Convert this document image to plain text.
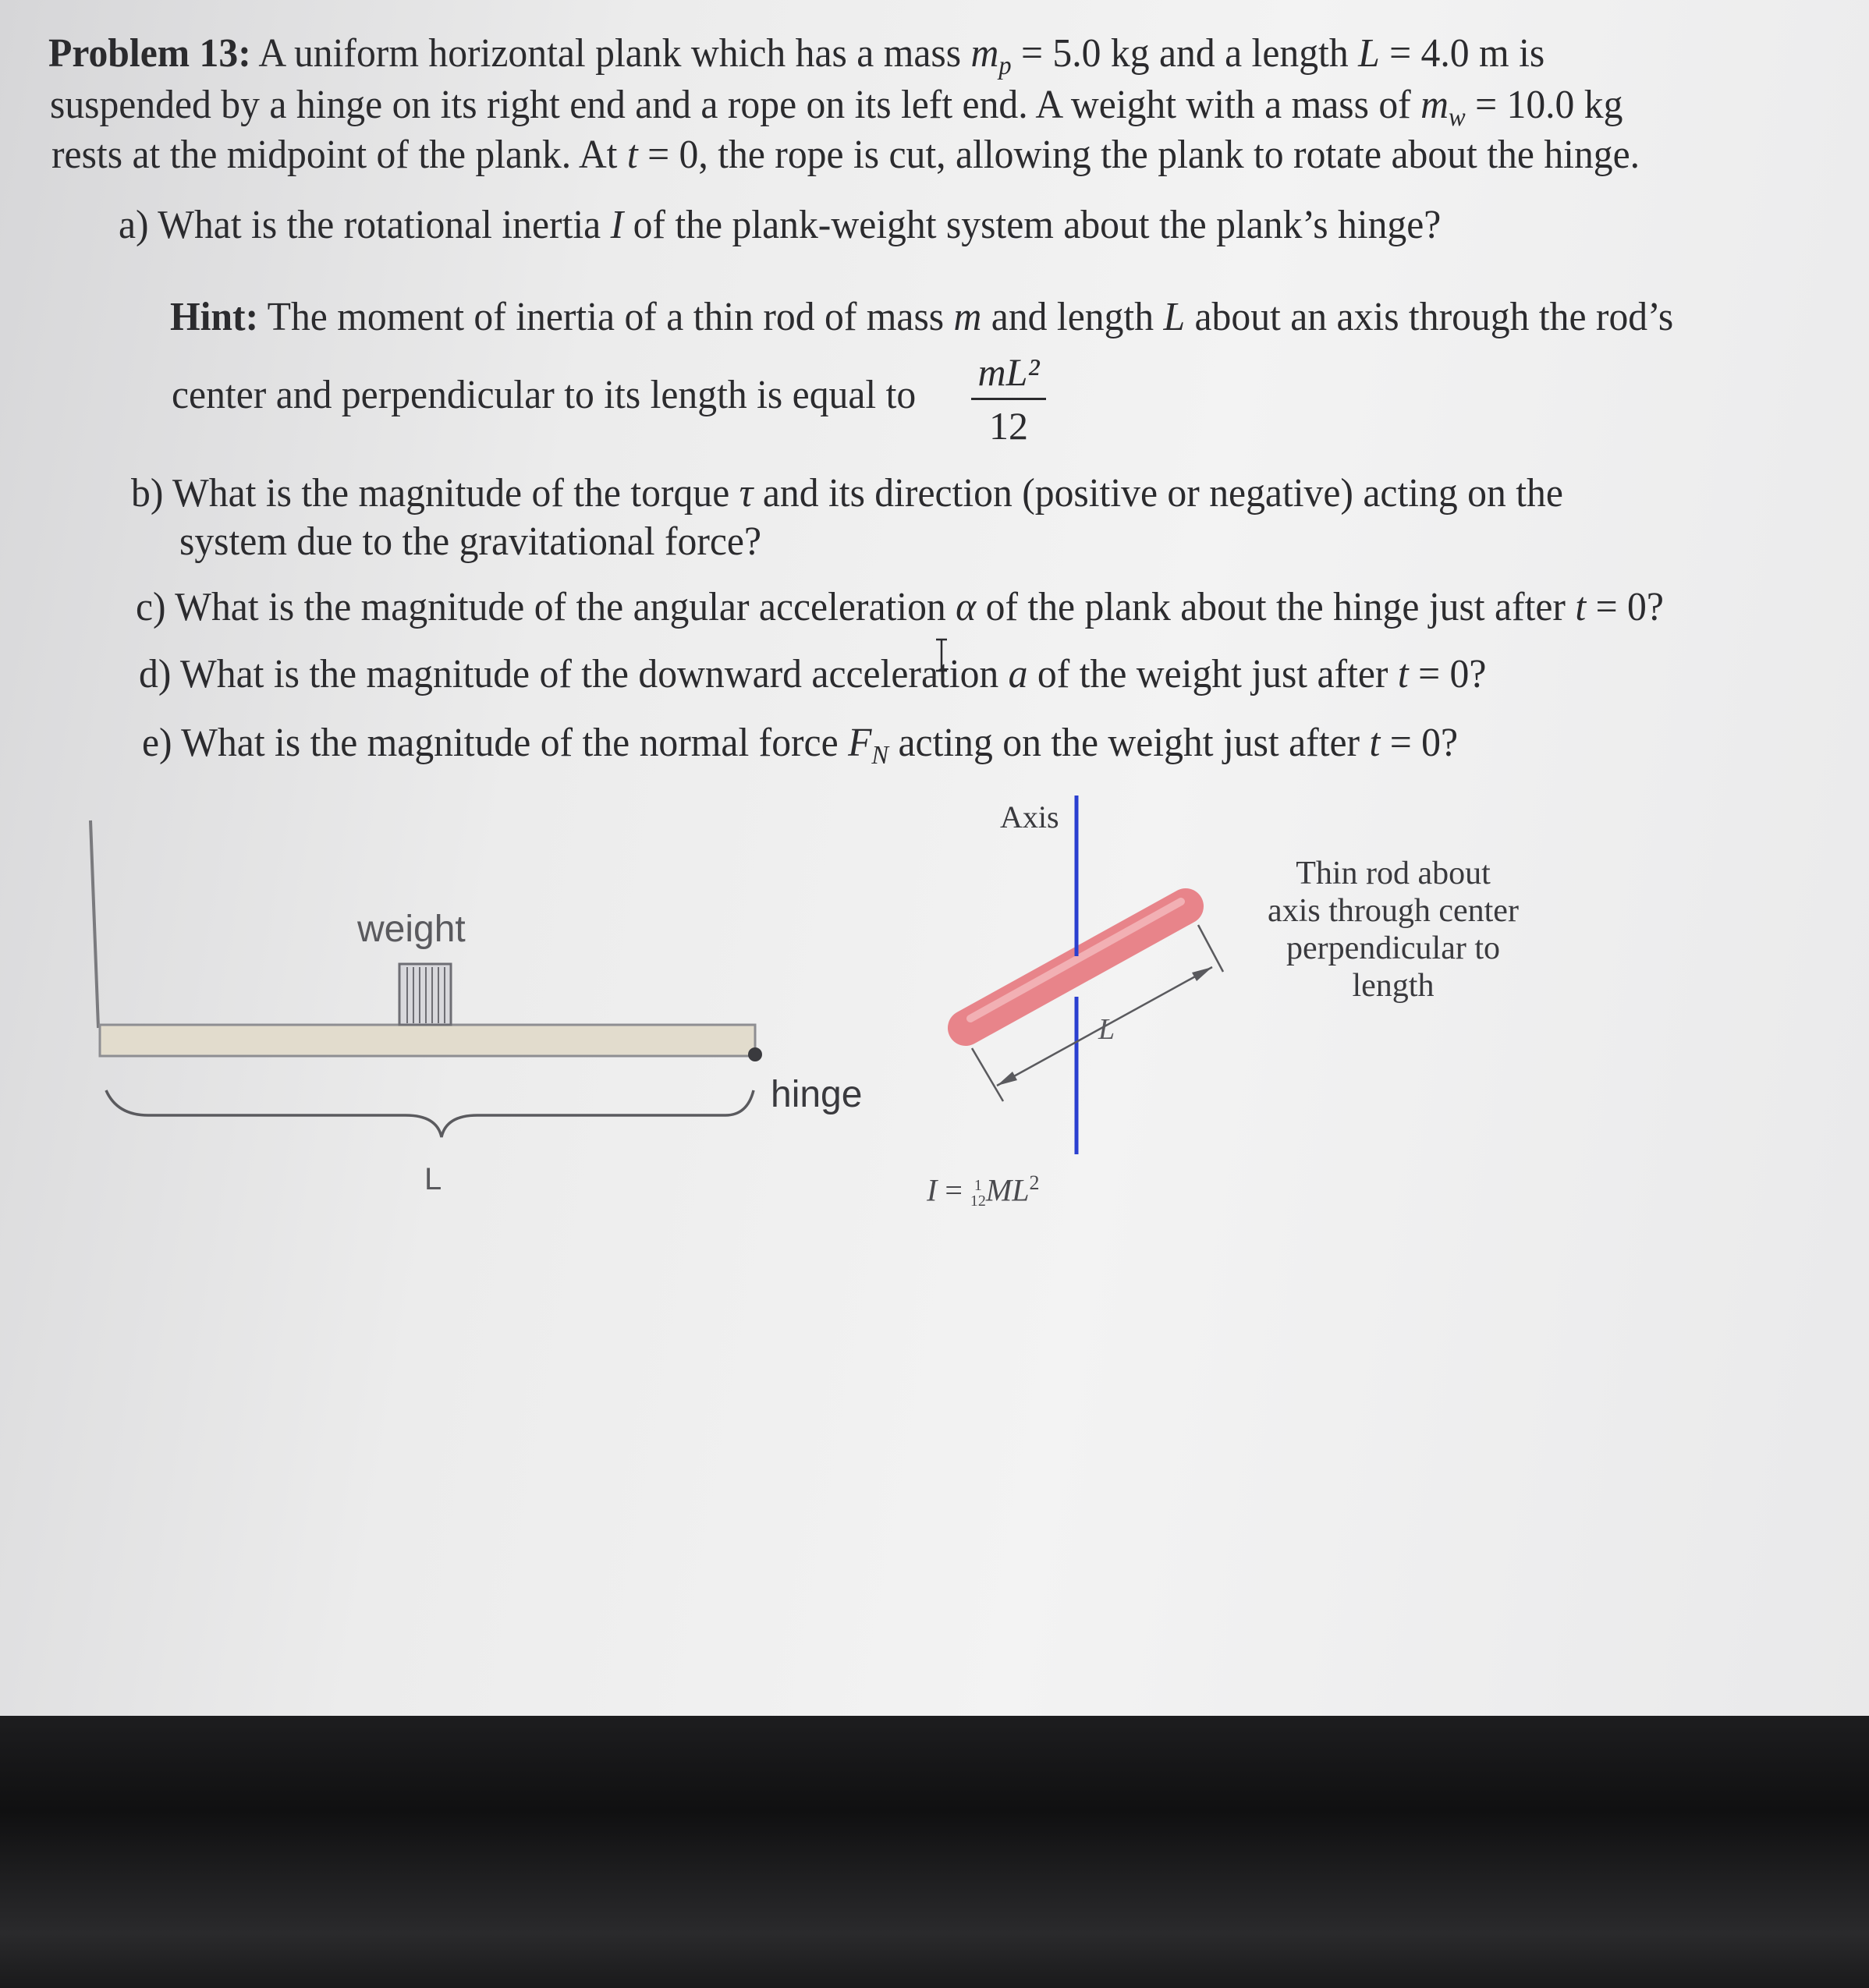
Problem 13: A uniform horizontal plank which has a mass $m_p = 5.0$ kg and a length L = 4.0 m is
suspended by a hinge on its right end and a rope on its left end. A weight with a mass of $m_w = 10.0$ kg
rests at the midpoint of the plank. At t = 0, the rope is cut, allowing the plank to rotate about the hinge.
a) What is the rotational inertia I of the plank-weight system about the plank’s hinge?
Hint: The moment of inertia of a thin rod of mass m and length L about an axis through the rod’s
center and perpendicular to its length is equal to
mL²
12
b) What is the magnitude of the torque τ and its direction (positive or negative) acting on the
system due to the gravitational force?
c) What is the magnitude of the angular acceleration α of the plank about the hinge just after t = 0?
d) What is the magnitude of the downward acceleration a of the weight just after t = 0?
e) What is the magnitude of the normal force $F_N$ acting on the weight just after t = 0?
weight
hinge
L
Axis
L
Thin rod about
axis through center
perpendicular to
length
I = 1
$12ML^2$
